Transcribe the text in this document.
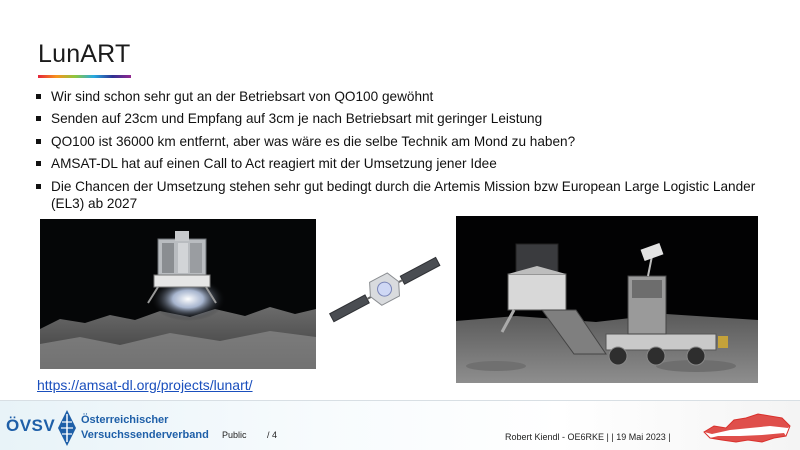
LunART
Wir sind schon sehr gut an der Betriebsart von QO100 gewöhnt
Senden auf 23cm und Empfang auf 3cm je nach Betriebsart mit geringer Leistung
QO100 ist 36000 km entfernt, aber was wäre es die selbe Technik am Mond zu haben?
AMSAT-DL hat auf einen Call to Act reagiert mit der Umsetzung jener Idee
Die Chancen der Umsetzung stehen sehr gut bedingt durch die Artemis Mission bzw European Large Logistic Lander (EL3) ab 2027
https://amsat-dl.org/projects/lunart/
ÖVSV Österreichischer
Versuchssenderverband Public / 4	Robert Kiendl - OE6RKE | | 19 Mai 2023 |
